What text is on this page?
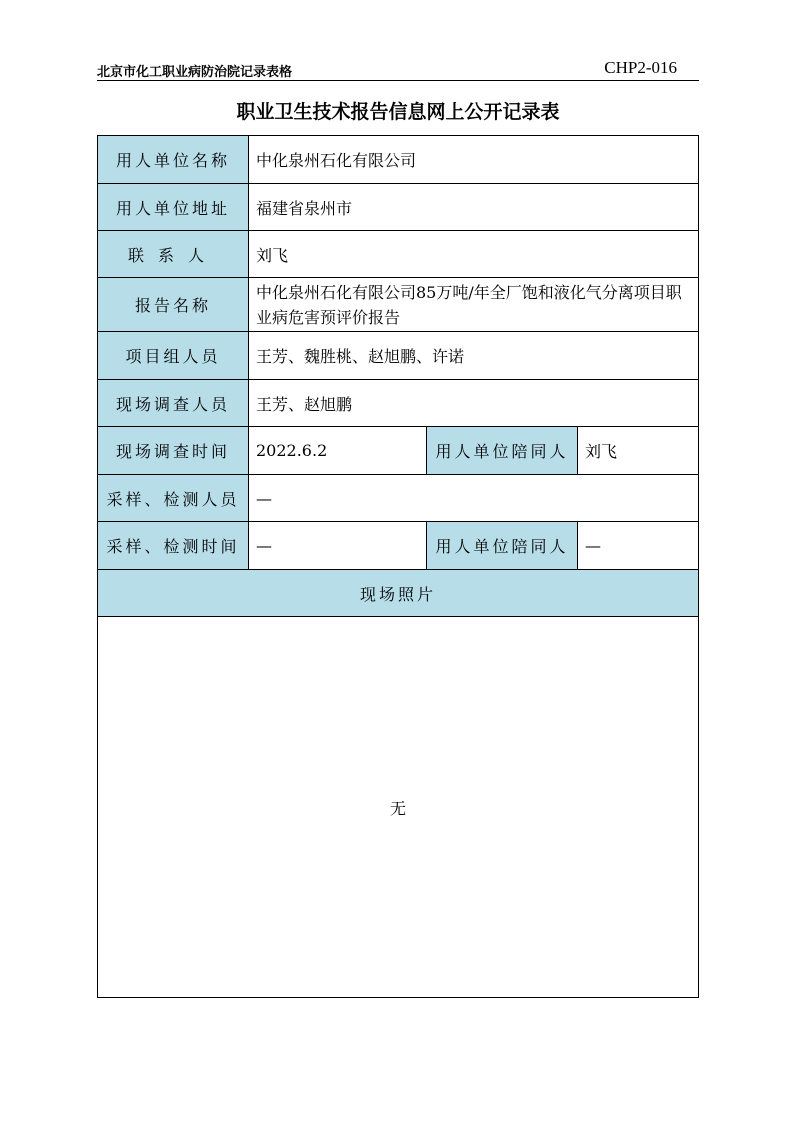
北京市化工职业病防治院记录表格	CHP2-016
职业卫生技术报告信息网上公开记录表
用人单位名称	中化泉州石化有限公司		
用人单位地址	福建省泉州市		
联系人	刘飞		
报告名称	中化泉州石化有限公司85万吨/年全厂饱和液化气分离项目职业病危害预评价报告		
项目组人员	王芳、魏胜桃、赵旭鹏、许诺		
现场调查人员	王芳、赵旭鹏		
现场调查时间	2022.6.2	用人单位陪同人	刘飞
采样、检测人员	—		
采样、检测时间	—	用人单位陪同人	—
现场照片			
无			
